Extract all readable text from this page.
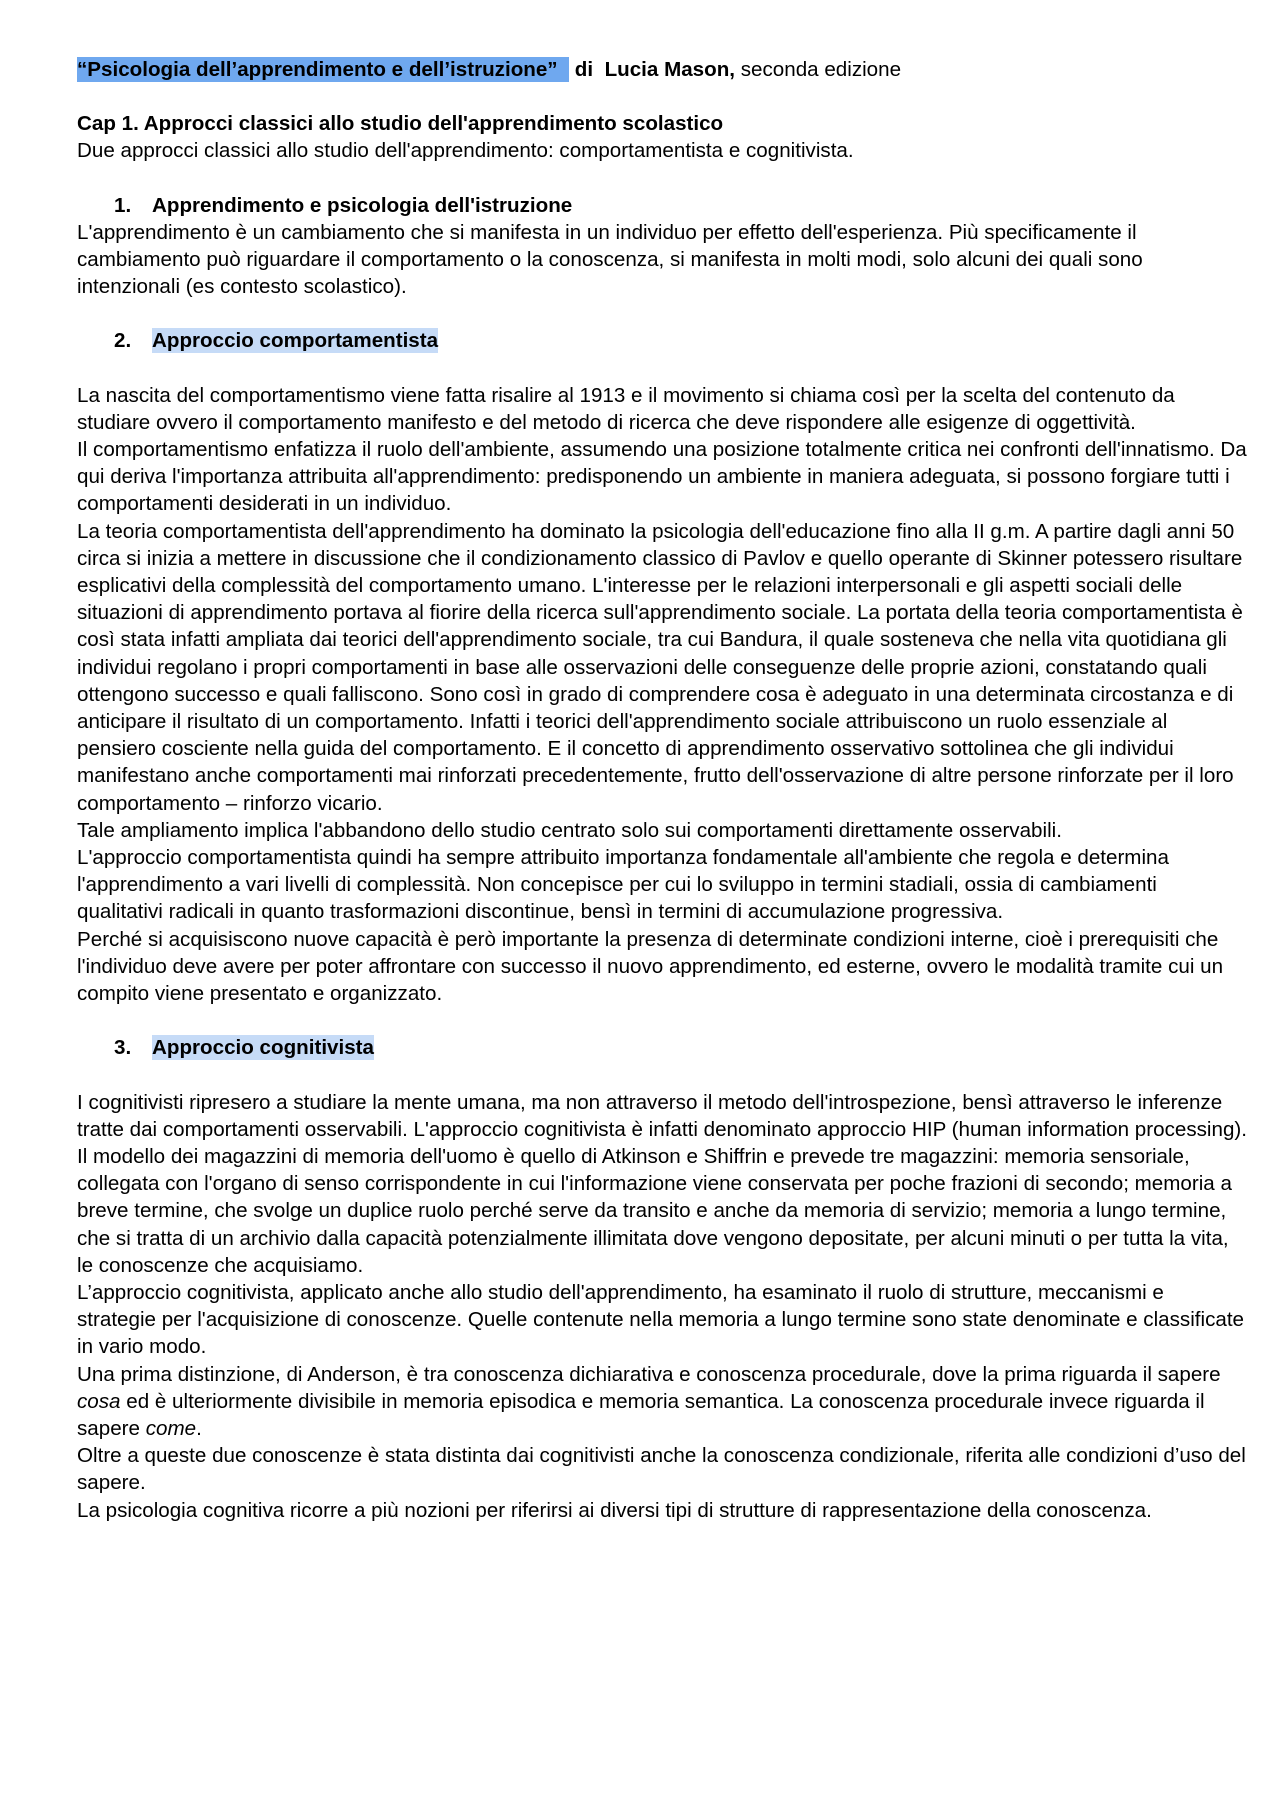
“Psicologia dell’apprendimento e dell’istruzione” di Lucia Mason, seconda edizione

Cap 1. Approcci classici allo studio dell'apprendimento scolastico

Due approcci classici allo studio dell'apprendimento: comportamentista e cognitivista.

1. Apprendimento e psicologia dell'istruzione

L'apprendimento è un cambiamento che si manifesta in un individuo per effetto dell'esperienza. Più specificamente il cambiamento può riguardare il comportamento o la conoscenza, si manifesta in molti modi, solo alcuni dei quali sono intenzionali (es contesto scolastico).

2. Approccio comportamentista

La nascita del comportamentismo viene fatta risalire al 1913 e il movimento si chiama così per la scelta del contenuto da studiare ovvero il comportamento manifesto e del metodo di ricerca che deve rispondere alle esigenze di oggettività.

Il comportamentismo enfatizza il ruolo dell'ambiente, assumendo una posizione totalmente critica nei confronti dell'innatismo. Da qui deriva l'importanza attribuita all'apprendimento: predisponendo un ambiente in maniera adeguata, si possono forgiare tutti i comportamenti desiderati in un individuo.

La teoria comportamentista dell'apprendimento ha dominato la psicologia dell'educazione fino alla II g.m. A partire dagli anni 50 circa si inizia a mettere in discussione che il condizionamento classico di Pavlov e quello operante di Skinner potessero risultare esplicativi della complessità del comportamento umano. L'interesse per le relazioni interpersonali e gli aspetti sociali delle situazioni di apprendimento portava al fiorire della ricerca sull'apprendimento sociale. La portata della teoria comportamentista è così stata infatti ampliata dai teorici dell'apprendimento sociale, tra cui Bandura, il quale sosteneva che nella vita quotidiana gli individui regolano i propri comportamenti in base alle osservazioni delle conseguenze delle proprie azioni, constatando quali ottengono successo e quali falliscono. Sono così in grado di comprendere cosa è adeguato in una determinata circostanza e di anticipare il risultato di un comportamento. Infatti i teorici dell'apprendimento sociale attribuiscono un ruolo essenziale al pensiero cosciente nella guida del comportamento. E il concetto di apprendimento osservativo sottolinea che gli individui manifestano anche comportamenti mai rinforzati precedentemente, frutto dell'osservazione di altre persone rinforzate per il loro comportamento – rinforzo vicario.

Tale ampliamento implica l'abbandono dello studio centrato solo sui comportamenti direttamente osservabili.

L'approccio comportamentista quindi ha sempre attribuito importanza fondamentale all'ambiente che regola e determina l'apprendimento a vari livelli di complessità. Non concepisce per cui lo sviluppo in termini stadiali, ossia di cambiamenti qualitativi radicali in quanto trasformazioni discontinue, bensì in termini di accumulazione progressiva.

Perché si acquisiscono nuove capacità è però importante la presenza di determinate condizioni interne, cioè i prerequisiti che l'individuo deve avere per poter affrontare con successo il nuovo apprendimento, ed esterne, ovvero le modalità tramite cui un compito viene presentato e organizzato.

3. Approccio cognitivista

I cognitivisti ripresero a studiare la mente umana, ma non attraverso il metodo dell'introspezione, bensì attraverso le inferenze tratte dai comportamenti osservabili. L'approccio cognitivista è infatti denominato approccio HIP (human information processing).

Il modello dei magazzini di memoria dell'uomo è quello di Atkinson e Shiffrin e prevede tre magazzini: memoria sensoriale, collegata con l'organo di senso corrispondente in cui l'informazione viene conservata per poche frazioni di secondo; memoria a breve termine, che svolge un duplice ruolo perché serve da transito e anche da memoria di servizio; memoria a lungo termine, che si tratta di un archivio dalla capacità potenzialmente illimitata dove vengono depositate, per alcuni minuti o per tutta la vita, le conoscenze che acquisiamo.

L’approccio cognitivista, applicato anche allo studio dell'apprendimento, ha esaminato il ruolo di strutture, meccanismi e strategie per l'acquisizione di conoscenze. Quelle contenute nella memoria a lungo termine sono state denominate e classificate in vario modo.

Una prima distinzione, di Anderson, è tra conoscenza dichiarativa e conoscenza procedurale, dove la prima riguarda il sapere cosa ed è ulteriormente divisibile in memoria episodica e memoria semantica. La conoscenza procedurale invece riguarda il sapere come.

Oltre a queste due conoscenze è stata distinta dai cognitivisti anche la conoscenza condizionale, riferita alle condizioni d’uso del sapere.

La psicologia cognitiva ricorre a più nozioni per riferirsi ai diversi tipi di strutture di rappresentazione della conoscenza.
